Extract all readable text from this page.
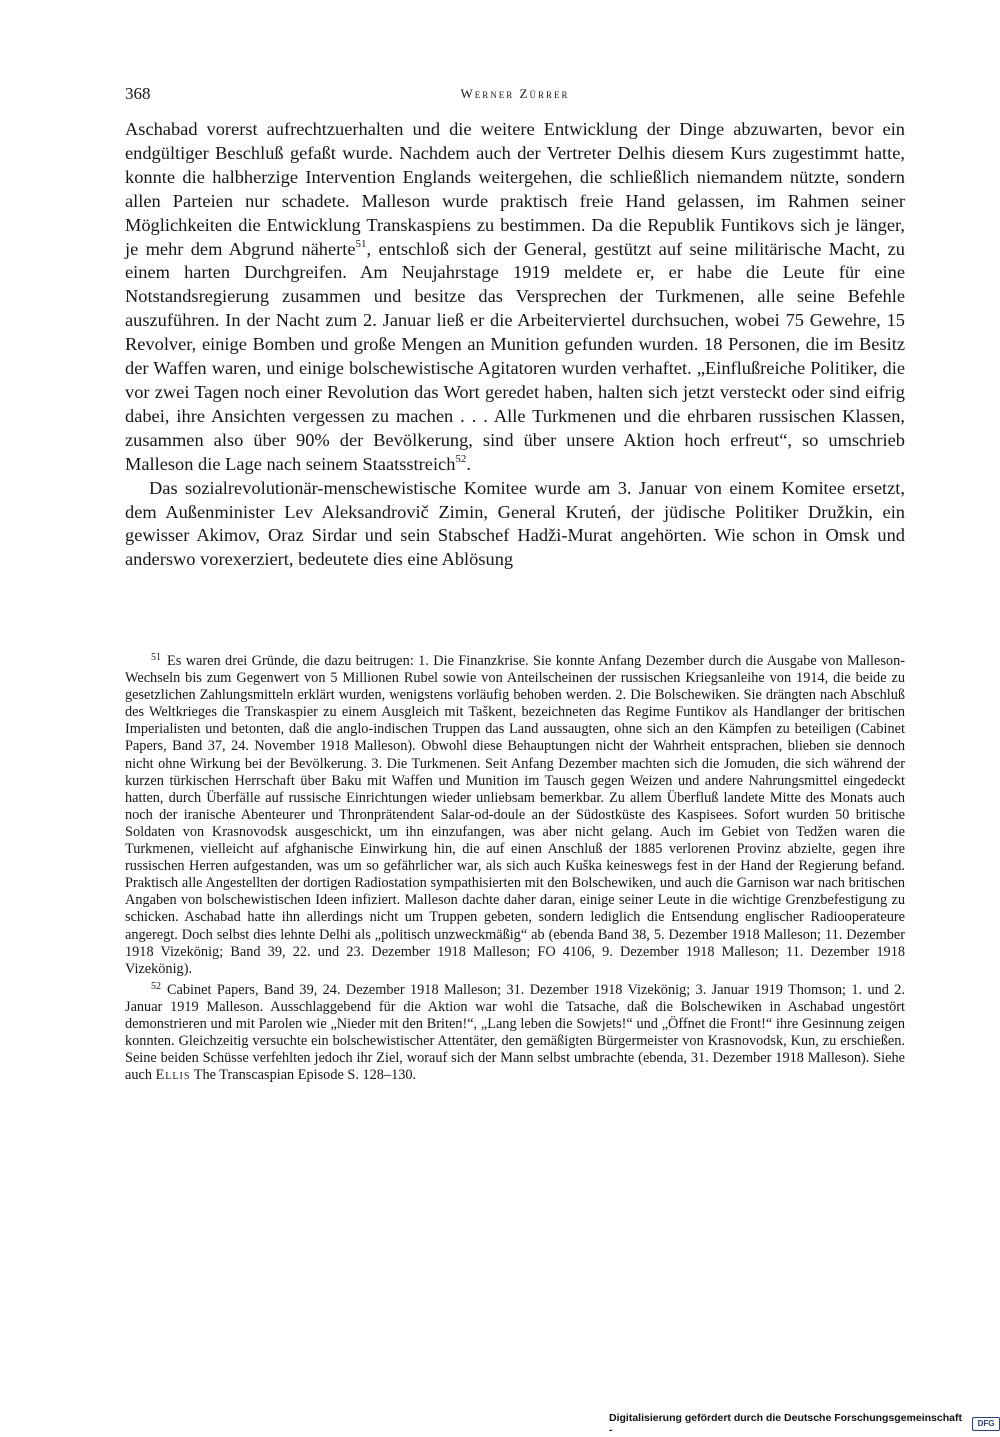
368	Werner Zürrer

Aschabad vorerst aufrechtzuerhalten und die weitere Entwicklung der Dinge abzuwarten, bevor ein endgültiger Beschluß gefaßt wurde. Nachdem auch der Vertreter Delhis diesem Kurs zugestimmt hatte, konnte die halbherzige Intervention Englands weitergehen, die schließlich niemandem nützte, sondern allen Parteien nur schadete. Malleson wurde praktisch freie Hand gelassen, im Rahmen seiner Möglichkeiten die Entwicklung Transkaspiens zu bestimmen. Da die Republik Funtikovs sich je länger, je mehr dem Abgrund näherte$^{51}$, entschloß sich der General, gestützt auf seine militärische Macht, zu einem harten Durchgreifen. Am Neujahrstage 1919 meldete er, er habe die Leute für eine Notstandsregierung zusammen und besitze das Versprechen der Turkmenen, alle seine Befehle auszuführen. In der Nacht zum 2. Januar ließ er die Arbeiterviertel durchsuchen, wobei 75 Gewehre, 15 Revolver, einige Bomben und große Mengen an Munition gefunden wurden. 18 Personen, die im Besitz der Waffen waren, und einige bolschewistische Agitatoren wurden verhaftet. „Einflußreiche Politiker, die vor zwei Tagen noch einer Revolution das Wort geredet haben, halten sich jetzt versteckt oder sind eifrig dabei, ihre Ansichten vergessen zu machen . . . Alle Turkmenen und die ehrbaren russischen Klassen, zusammen also über 90% der Bevölkerung, sind über unsere Aktion hoch erfreut“, so umschrieb Malleson die Lage nach seinem Staatsstreich$^{52}$.

Das sozialrevolutionär-menschewistische Komitee wurde am 3. Januar von einem Komitee ersetzt, dem Außenminister Lev Aleksandrovič Zimin, General Kruteń, der jüdische Politiker Družkin, ein gewisser Akimov, Oraz Sirdar und sein Stabschef Hadži-Murat angehörten. Wie schon in Omsk und anderswo vorexerziert, bedeutete dies eine Ablösung

$^{51}$ Es waren drei Gründe, die dazu beitrugen: 1. Die Finanzkrise. Sie konnte Anfang Dezember durch die Ausgabe von Malleson-Wechseln bis zum Gegenwert von 5 Millionen Rubel sowie von Anteilscheinen der russischen Kriegsanleihe von 1914, die beide zu gesetzlichen Zahlungsmitteln erklärt wurden, wenigstens vorläufig behoben werden. 2. Die Bolschewiken. Sie drängten nach Abschluß des Weltkrieges die Transkaspier zu einem Ausgleich mit Taškent, bezeichneten das Regime Funtikov als Handlanger der britischen Imperialisten und betonten, daß die anglo-indischen Truppen das Land aussaugten, ohne sich an den Kämpfen zu beteiligen (Cabinet Papers, Band 37, 24. November 1918 Malleson). Obwohl diese Behauptungen nicht der Wahrheit entsprachen, blieben sie dennoch nicht ohne Wirkung bei der Bevölkerung. 3. Die Turkmenen. Seit Anfang Dezember machten sich die Jomuden, die sich während der kurzen türkischen Herrschaft über Baku mit Waffen und Munition im Tausch gegen Weizen und andere Nahrungsmittel eingedeckt hatten, durch Überfälle auf russische Einrichtungen wieder unliebsam bemerkbar. Zu allem Überfluß landete Mitte des Monats auch noch der iranische Abenteurer und Thronprätendent Salar-od-doule an der Südostküste des Kaspisees. Sofort wurden 50 britische Soldaten von Krasnovodsk ausgeschickt, um ihn einzufangen, was aber nicht gelang. Auch im Gebiet von Tedžen waren die Turkmenen, vielleicht auf afghanische Einwirkung hin, die auf einen Anschluß der 1885 verlorenen Provinz abzielte, gegen ihre russischen Herren aufgestanden, was um so gefährlicher war, als sich auch Kuška keineswegs fest in der Hand der Regierung befand. Praktisch alle Angestellten der dortigen Radiostation sympathisierten mit den Bolschewiken, und auch die Garnison war nach britischen Angaben von bolschewistischen Ideen infiziert. Malleson dachte daher daran, einige seiner Leute in die wichtige Grenzbefestigung zu schicken. Aschabad hatte ihn allerdings nicht um Truppen gebeten, sondern lediglich die Entsendung englischer Radiooperateure angeregt. Doch selbst dies lehnte Delhi als „politisch unzweckmäßig“ ab (ebenda Band 38, 5. Dezember 1918 Malleson; 11. Dezember 1918 Vizekönig; Band 39, 22. und 23. Dezember 1918 Malleson; FO 4106, 9. Dezember 1918 Malleson; 11. Dezember 1918 Vizekönig).

$^{52}$ Cabinet Papers, Band 39, 24. Dezember 1918 Malleson; 31. Dezember 1918 Vizekönig; 3. Januar 1919 Thomson; 1. und 2. Januar 1919 Malleson. Ausschlaggebend für die Aktion war wohl die Tatsache, daß die Bolschewiken in Aschabad ungestört demonstrieren und mit Parolen wie „Nieder mit den Briten!“, „Lang leben die Sowjets!“ und „Öffnet die Front!“ ihre Gesinnung zeigen konnten. Gleichzeitig versuchte ein bolschewistischer Attentäter, den gemäßigten Bürgermeister von Krasnovodsk, Kun, zu erschießen. Seine beiden Schüsse verfehlten jedoch ihr Ziel, worauf sich der Mann selbst umbrachte (ebenda, 31. Dezember 1918 Malleson). Siehe auch Ellis The Transcaspian Episode S. 128–130.

Digitalisierung gefördert durch die Deutsche Forschungsgemeinschaft -
DFG
